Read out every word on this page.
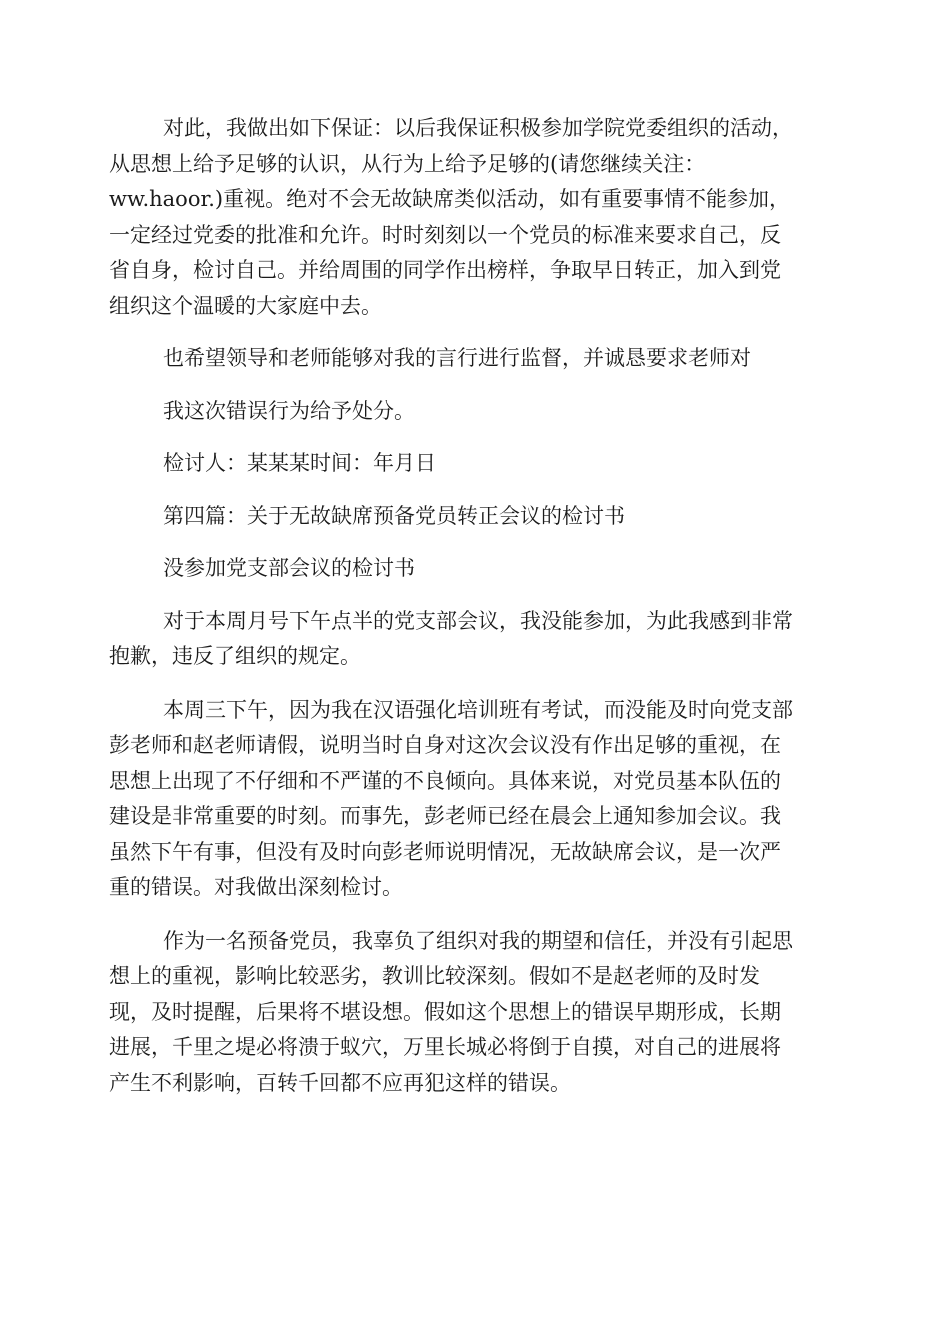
对此，我做出如下保证：以后我保证积极参加学院党委组织的活动，
从思想上给予足够的认识，从行为上给予足够的(请您继续关注：
ww.haoor.)重视。绝对不会无故缺席类似活动，如有重要事情不能参加，
一定经过党委的批准和允许。时时刻刻以一个党员的标准来要求自己，反
省自身，检讨自己。并给周围的同学作出榜样，争取早日转正，加入到党
组织这个温暖的大家庭中去。
也希望领导和老师能够对我的言行进行监督，并诚恳要求老师对
我这次错误行为给予处分。
检讨人：某某某时间：年月日
第四篇：关于无故缺席预备党员转正会议的检讨书
没参加党支部会议的检讨书
对于本周月号下午点半的党支部会议，我没能参加，为此我感到非常
抱歉，违反了组织的规定。
本周三下午，因为我在汉语强化培训班有考试，而没能及时向党支部
彭老师和赵老师请假，说明当时自身对这次会议没有作出足够的重视，在
思想上出现了不仔细和不严谨的不良倾向。具体来说，对党员基本队伍的
建设是非常重要的时刻。而事先，彭老师已经在晨会上通知参加会议。我
虽然下午有事，但没有及时向彭老师说明情况，无故缺席会议，是一次严
重的错误。对我做出深刻检讨。
作为一名预备党员，我辜负了组织对我的期望和信任，并没有引起思
想上的重视，影响比较恶劣，教训比较深刻。假如不是赵老师的及时发
现，及时提醒，后果将不堪设想。假如这个思想上的错误早期形成，长期
进展，千里之堤必将溃于蚁穴，万里长城必将倒于自摸，对自己的进展将
产生不利影响，百转千回都不应再犯这样的错误。
